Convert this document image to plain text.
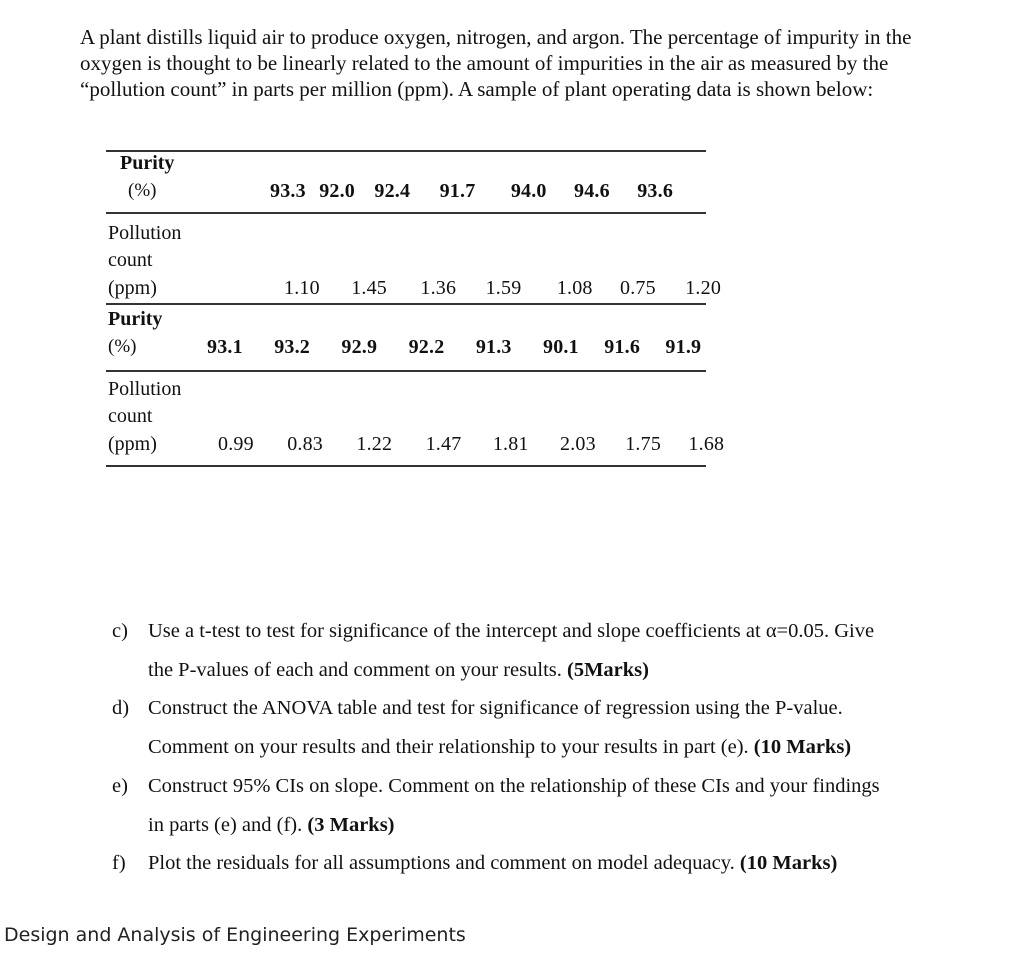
A plant distills liquid air to produce oxygen, nitrogen, and argon. The percentage of impurity in the oxygen is thought to be linearly related to the amount of impurities in the air as measured by the “pollution count” in parts per million (ppm). A sample of plant operating data is shown below:

Purity
(%)	93.3 92.0 92.4 91.7 94.0 94.6 93.6
Pollution
count
(ppm)	1.10 1.45 1.36 1.59 1.08 0.75 1.20
Purity
(%)	93.1 93.2 92.9 92.2 91.3 90.1 91.6 91.9
Pollution
count
(ppm)	0.99 0.83 1.22 1.47 1.81 2.03 1.75 1.68
c) Use a t-test to test for significance of the intercept and slope coefficients at α=0.05. Give
the P-values of each and comment on your results. (5Marks)
d) Construct the ANOVA table and test for significance of regression using the P-value.
Comment on your results and their relationship to your results in part (e). (10 Marks)
e) Construct 95% CIs on slope. Comment on the relationship of these CIs and your findings
in parts (e) and (f). (3 Marks)
f) Plot the residuals for all assumptions and comment on model adequacy. (10 Marks)
Design and Analysis of Engineering Experiments
